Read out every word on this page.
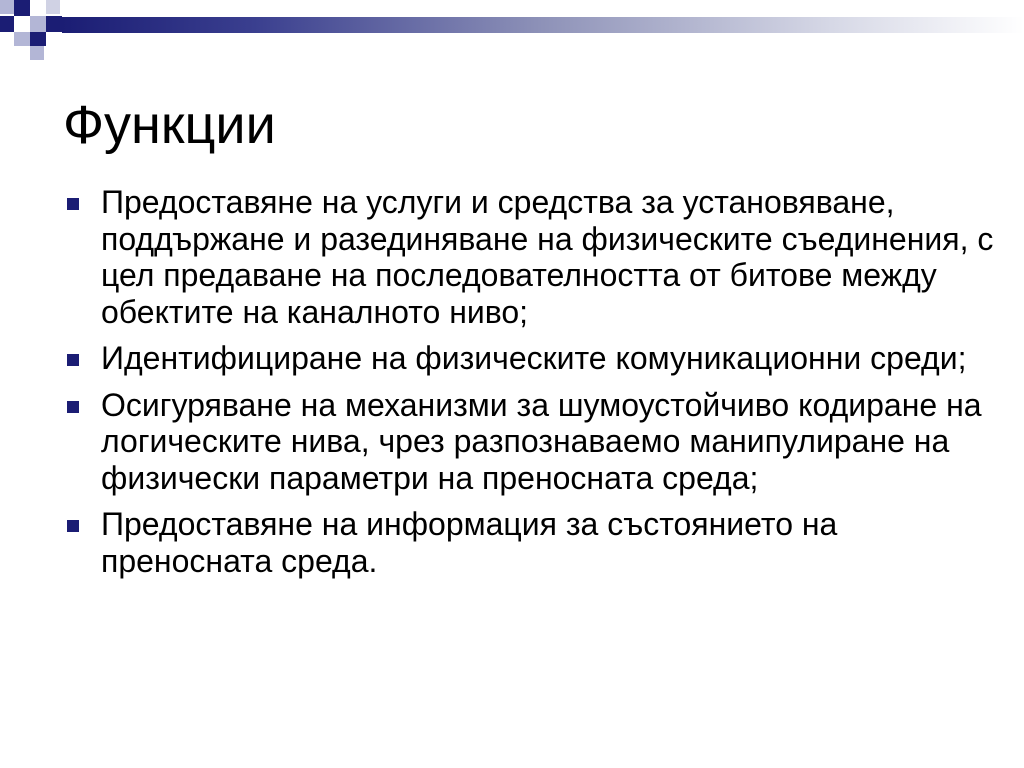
Функции
Предоставяне на услуги и средства за установяване, поддържане и разединяване на физическите съединения, с цел предаване на последователността от битове между обектите на каналното ниво;
Идентифициране на физическите комуникационни среди;
Осигуряване на механизми за шумоустойчиво кодиране на логическите нива, чрез разпознаваемо манипулиране на физически параметри на преносната среда;
Предоставяне на информация за състоянието на преносната среда.
